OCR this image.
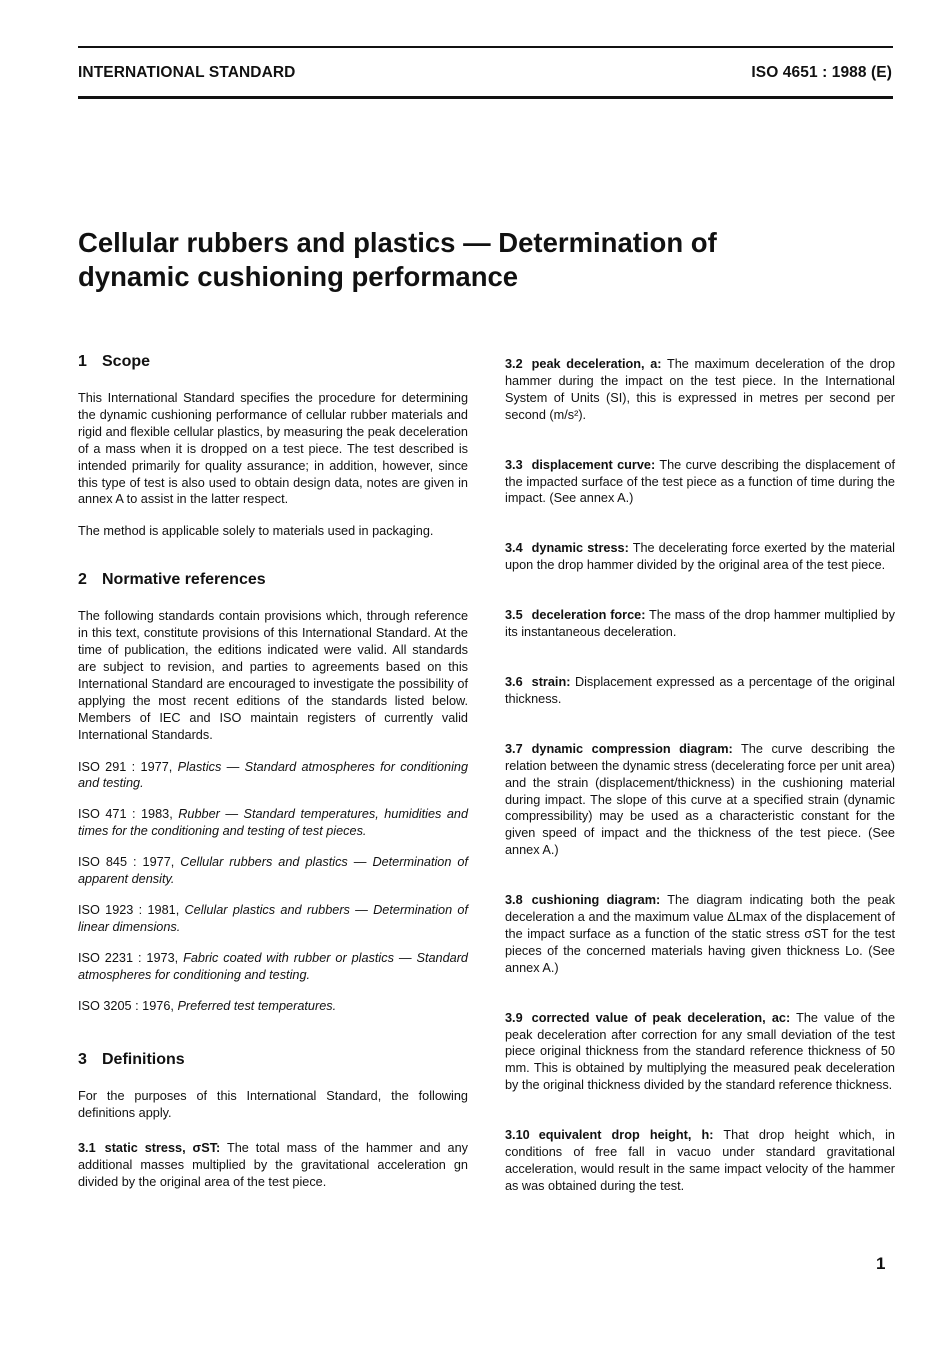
INTERNATIONAL STANDARD	ISO 4651 : 1988 (E)
Cellular rubbers and plastics — Determination of
dynamic cushioning performance
1 Scope

This International Standard specifies the procedure for determining the dynamic cushioning performance of cellular rubber materials and rigid and flexible cellular plastics, by measuring the peak deceleration of a mass when it is dropped on a test piece. The test described is intended primarily for quality assurance; in addition, however, since this type of test is also used to obtain design data, notes are given in annex A to assist in the latter respect.

The method is applicable solely to materials used in packaging.

2 Normative references

The following standards contain provisions which, through reference in this text, constitute provisions of this International Standard. At the time of publication, the editions indicated were valid. All standards are subject to revision, and parties to agreements based on this International Standard are encouraged to investigate the possibility of applying the most recent editions of the standards listed below. Members of IEC and ISO maintain registers of currently valid International Standards.

ISO 291 : 1977, Plastics — Standard atmospheres for conditioning and testing.

ISO 471 : 1983, Rubber — Standard temperatures, humidities and times for the conditioning and testing of test pieces.

ISO 845 : 1977, Cellular rubbers and plastics — Determination of apparent density.

ISO 1923 : 1981, Cellular plastics and rubbers — Determination of linear dimensions.

ISO 2231 : 1973, Fabric coated with rubber or plastics — Standard atmospheres for conditioning and testing.

ISO 3205 : 1976, Preferred test temperatures.

3 Definitions

For the purposes of this International Standard, the following definitions apply.

3.1 static stress, σST: The total mass of the hammer and any additional masses multiplied by the gravitational acceleration gn divided by the original area of the test piece.

3.2 peak deceleration, a: The maximum deceleration of the drop hammer during the impact on the test piece. In the International System of Units (SI), this is expressed in metres per second per second (m/s²).

3.3 displacement curve: The curve describing the displacement of the impacted surface of the test piece as a function of time during the impact. (See annex A.)

3.4 dynamic stress: The decelerating force exerted by the material upon the drop hammer divided by the original area of the test piece.

3.5 deceleration force: The mass of the drop hammer multiplied by its instantaneous deceleration.

3.6 strain: Displacement expressed as a percentage of the original thickness.

3.7 dynamic compression diagram: The curve describing the relation between the dynamic stress (decelerating force per unit area) and the strain (displacement/thickness) in the cushioning material during impact. The slope of this curve at a specified strain (dynamic compressibility) may be used as a characteristic constant for the given speed of impact and the thickness of the test piece. (See annex A.)

3.8 cushioning diagram: The diagram indicating both the peak deceleration a and the maximum value ΔLmax of the displacement of the impact surface as a function of the static stress σST for the test pieces of the concerned materials having given thickness Lo. (See annex A.)

3.9 corrected value of peak deceleration, ac: The value of the peak deceleration after correction for any small deviation of the test piece original thickness from the standard reference thickness of 50 mm. This is obtained by multiplying the measured peak deceleration by the original thickness divided by the standard reference thickness.

3.10 equivalent drop height, h: That drop height which, in conditions of free fall in vacuo under standard gravitational acceleration, would result in the same impact velocity of the hammer as was obtained during the test.

1
